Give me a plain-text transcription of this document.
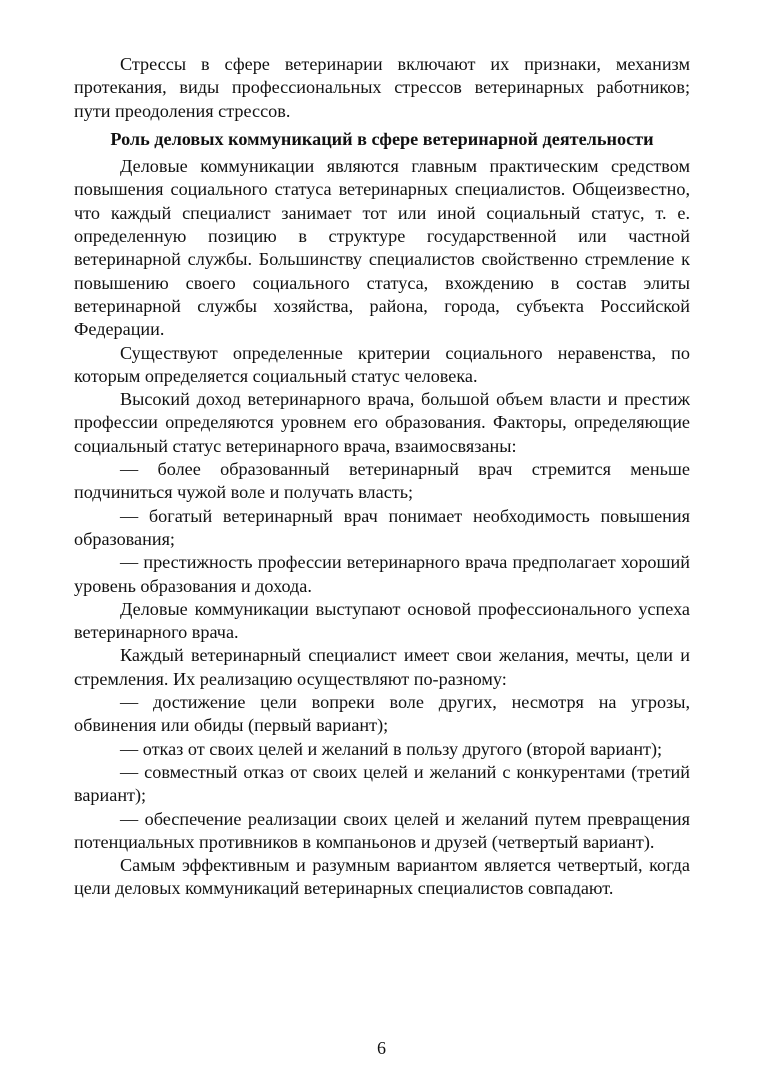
Стрессы в сфере ветеринарии включают их признаки, механизм протекания, виды профессиональных стрессов ветеринарных работников; пути преодоления стрессов.

Роль деловых коммуникаций в сфере ветеринарной деятельности

Деловые коммуникации являются главным практическим средством повышения социального статуса ветеринарных специалистов. Общеизвестно, что каждый специалист занимает тот или иной социальный статус, т. е. определенную позицию в структуре государственной или частной ветеринарной службы. Большинству специалистов свойственно стремление к повышению своего социального статуса, вхождению в состав элиты ветеринарной службы хозяйства, района, города, субъекта Российской Федерации.

Существуют определенные критерии социального неравенства, по которым определяется социальный статус человека.

Высокий доход ветеринарного врача, большой объем власти и престиж профессии определяются уровнем его образования. Факторы, определяющие социальный статус ветеринарного врача, взаимосвязаны:

— более образованный ветеринарный врач стремится меньше подчиниться чужой воле и получать власть;

— богатый ветеринарный врач понимает необходимость повышения образования;

— престижность профессии ветеринарного врача предполагает хороший уровень образования и дохода.

Деловые коммуникации выступают основой профессионального успеха ветеринарного врача.

Каждый ветеринарный специалист имеет свои желания, мечты, цели и стремления. Их реализацию осуществляют по-разному:

— достижение цели вопреки воле других, несмотря на угрозы, обвинения или обиды (первый вариант);

— отказ от своих целей и желаний в пользу другого (второй вариант);

— совместный отказ от своих целей и желаний с конкурентами (третий вариант);

— обеспечение реализации своих целей и желаний путем превращения потенциальных противников в компаньонов и друзей (четвертый вариант).

Самым эффективным и разумным вариантом является четвертый, когда цели деловых коммуникаций ветеринарных специалистов совпадают.

6
